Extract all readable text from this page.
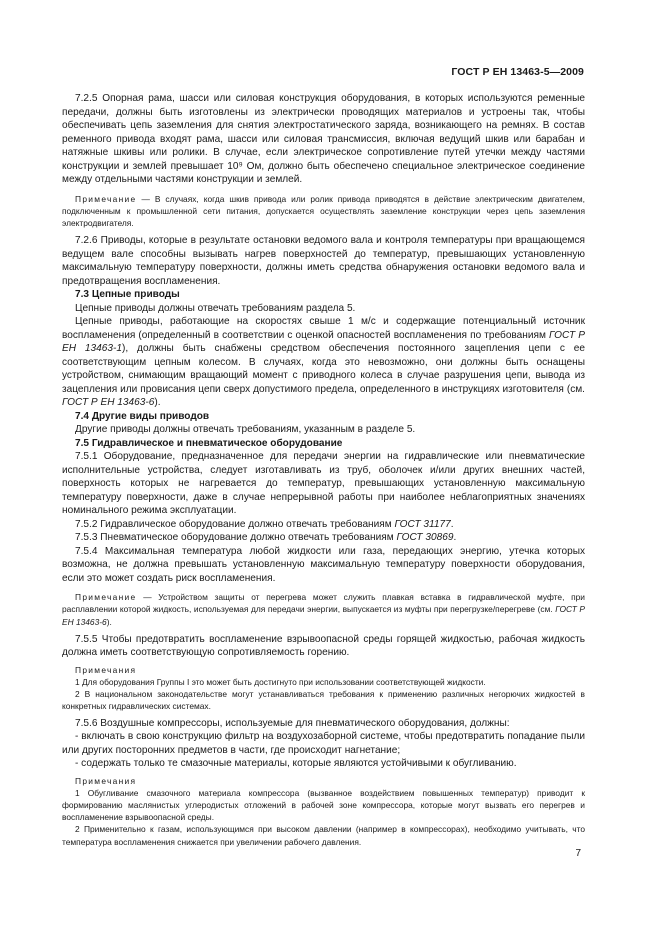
ГОСТ Р ЕН 13463-5—2009

7.2.5 Опорная рама, шасси или силовая конструкция оборудования, в которых используются ременные передачи, должны быть изготовлены из электрически проводящих материалов и устроены так, чтобы обеспечивать цепь заземления для снятия электростатического заряда, возникающего на ремнях. В состав ременного привода входят рама, шасси или силовая трансмиссия, включая ведущий шкив или барабан и натяжные шкивы или ролики. В случае, если электрическое сопротивление путей утечки между частями конструкции и землей превышает 10⁹ Ом, должно быть обеспечено специальное электрическое соединение между отдельными частями конструкции и землей.

Примечание — В случаях, когда шкив привода или ролик привода приводятся в действие электрическим двигателем, подключенным к промышленной сети питания, допускается осуществлять заземление конструкции через цепь заземления электродвигателя.

7.2.6 Приводы, которые в результате остановки ведомого вала и контроля температуры при вращающемся ведущем вале способны вызывать нагрев поверхностей до температур, превышающих установленную максимальную температуру поверхности, должны иметь средства обнаружения остановки ведомого вала и предотвращения воспламенения.

7.3 Цепные приводы

Цепные приводы должны отвечать требованиям раздела 5.

Цепные приводы, работающие на скоростях свыше 1 м/с и содержащие потенциальный источник воспламенения (определенный в соответствии с оценкой опасностей воспламенения по требованиям ГОСТ Р ЕН 13463-1), должны быть снабжены средством обеспечения постоянного зацепления цепи с ее соответствующим цепным колесом. В случаях, когда это невозможно, они должны быть оснащены устройством, снимающим вращающий момент с приводного колеса в случае разрушения цепи, вывода из зацепления или провисания цепи сверх допустимого предела, определенного в инструкциях изготовителя (см. ГОСТ Р ЕН 13463-6).

7.4 Другие виды приводов

Другие приводы должны отвечать требованиям, указанным в разделе 5.

7.5 Гидравлическое и пневматическое оборудование

7.5.1 Оборудование, предназначенное для передачи энергии на гидравлические или пневматические исполнительные устройства, следует изготавливать из труб, оболочек и/или других внешних частей, поверхность которых не нагревается до температур, превышающих установленную максимальную температуру поверхности, даже в случае непрерывной работы при наиболее неблагоприятных значениях номинального режима эксплуатации.

7.5.2 Гидравлическое оборудование должно отвечать требованиям ГОСТ 31177.

7.5.3 Пневматическое оборудование должно отвечать требованиям ГОСТ 30869.

7.5.4 Максимальная температура любой жидкости или газа, передающих энергию, утечка которых возможна, не должна превышать установленную максимальную температуру поверхности оборудования, если это может создать риск воспламенения.

Примечание — Устройством защиты от перегрева может служить плавкая вставка в гидравлической муфте, при расплавлении которой жидкость, используемая для передачи энергии, выпускается из муфты при перегрузке/перегреве (см. ГОСТ Р ЕН 13463-6).

7.5.5 Чтобы предотвратить воспламенение взрывоопасной среды горящей жидкостью, рабочая жидкость должна иметь соответствующую сопротивляемость горению.

Примечания

1 Для оборудования Группы I это может быть достигнуто при использовании соответствующей жидкости.

2 В национальном законодательстве могут устанавливаться требования к применению различных негорючих жидкостей в конкретных гидравлических системах.

7.5.6 Воздушные компрессоры, используемые для пневматического оборудования, должны:

- включать в свою конструкцию фильтр на воздухозаборной системе, чтобы предотвратить попадание пыли или других посторонних предметов в части, где происходит нагнетание;

- содержать только те смазочные материалы, которые являются устойчивыми к обугливанию.

Примечания

1 Обугливание смазочного материала компрессора (вызванное воздействием повышенных температур) приводит к формированию маслянистых углеродистых отложений в рабочей зоне компрессора, которые могут вызвать его перегрев и воспламенение взрывоопасной среды.

2 Применительно к газам, использующимся при высоком давлении (например в компрессорах), необходимо учитывать, что температура воспламенения снижается при увеличении рабочего давления.

7
